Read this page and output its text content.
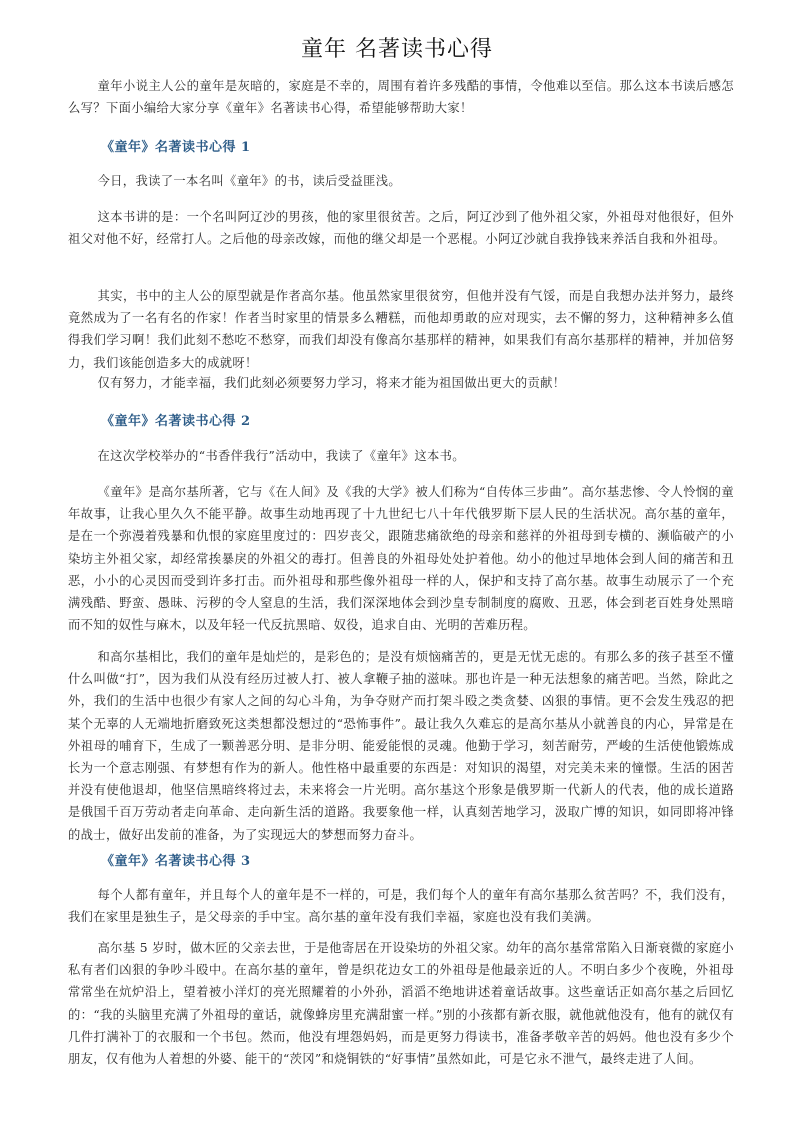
童年 名著读书心得

童年小说主人公的童年是灰暗的，家庭是不幸的，周围有着许多残酷的事情，令他难以至信。那么这本书读后感怎么写？下面小编给大家分享《童年》名著读书心得，希望能够帮助大家！

《童年》名著读书心得 1

今日，我读了一本名叫《童年》的书，读后受益匪浅。

这本书讲的是：一个名叫阿辽沙的男孩，他的家里很贫苦。之后，阿辽沙到了他外祖父家，外祖母对他很好，但外祖父对他不好，经常打人。之后他的母亲改嫁，而他的继父却是一个恶棍。小阿辽沙就自我挣钱来养活自我和外祖母。

其实，书中的主人公的原型就是作者高尔基。他虽然家里很贫穷，但他并没有气馁，而是自我想办法并努力，最终竟然成为了一名有名的作家！作者当时家里的情景多么糟糕，而他却勇敢的应对现实，去不懈的努力，这种精神多么值得我们学习啊！我们此刻不愁吃不愁穿，而我们却没有像高尔基那样的精神，如果我们有高尔基那样的精神，并加倍努力，我们该能创造多大的成就呀！

仅有努力，才能幸福，我们此刻必须要努力学习，将来才能为祖国做出更大的贡献！

《童年》名著读书心得 2

在这次学校举办的“书香伴我行”活动中，我读了《童年》这本书。

《童年》是高尔基所著，它与《在人间》及《我的大学》被人们称为“自传体三步曲”。高尔基悲惨、令人怜悯的童年故事，让我心里久久不能平静。故事生动地再现了十九世纪七八十年代俄罗斯下层人民的生活状况。高尔基的童年，是在一个弥漫着残暴和仇恨的家庭里度过的：四岁丧父，跟随悲痛欲绝的母亲和慈祥的外祖母到专横的、濒临破产的小染坊主外祖父家，却经常挨暴戾的外祖父的毒打。但善良的外祖母处处护着他。幼小的他过早地体会到人间的痛苦和丑恶，小小的心灵因而受到许多打击。而外祖母和那些像外祖母一样的人，保护和支持了高尔基。故事生动展示了一个充满残酷、野蛮、愚昧、污秽的令人窒息的生活，我们深深地体会到沙皇专制制度的腐败、丑恶，体会到老百姓身处黑暗而不知的奴性与麻木，以及年轻一代反抗黑暗、奴役，追求自由、光明的苦难历程。

和高尔基相比，我们的童年是灿烂的，是彩色的；是没有烦恼痛苦的，更是无忧无虑的。有那么多的孩子甚至不懂什么叫做“打”，因为我们从没有经历过被人打、被人拿鞭子抽的滋味。那也许是一种无法想象的痛苦吧。当然，除此之外，我们的生活中也很少有家人之间的勾心斗角，为争夺财产而打架斗殴之类贪婪、凶狠的事情。更不会发生残忍的把某个无辜的人无端地折磨致死这类想都没想过的“恐怖事件”。最让我久久难忘的是高尔基从小就善良的内心，异常是在外祖母的哺育下，生成了一颗善恶分明、是非分明、能爱能恨的灵魂。他勤于学习，刻苦耐劳，严峻的生活使他锻炼成长为一个意志刚强、有梦想有作为的新人。他性格中最重要的东西是：对知识的渴望，对完美未来的憧憬。生活的困苦并没有使他退却，他坚信黑暗终将过去，未来将会一片光明。高尔基这个形象是俄罗斯一代新人的代表，他的成长道路是俄国千百万劳动者走向革命、走向新生活的道路。我要象他一样，认真刻苦地学习，汲取广博的知识，如同即将冲锋的战士，做好出发前的准备，为了实现远大的梦想而努力奋斗。

《童年》名著读书心得 3

每个人都有童年，并且每个人的童年是不一样的，可是，我们每个人的童年有高尔基那么贫苦吗？不，我们没有，我们在家里是独生子，是父母亲的手中宝。高尔基的童年没有我们幸福，家庭也没有我们美满。

高尔基 5 岁时，做木匠的父亲去世，于是他寄居在开设染坊的外祖父家。幼年的高尔基常常陷入日渐衰微的家庭小私有者们凶狠的争吵斗殴中。在高尔基的童年，曾是织花边女工的外祖母是他最亲近的人。不明白多少个夜晚，外祖母常常坐在炕炉沿上，望着被小洋灯的亮光照耀着的小外孙，滔滔不绝地讲述着童话故事。这些童话正如高尔基之后回忆的：“我的头脑里充满了外祖母的童话，就像蜂房里充满甜蜜一样。”别的小孩都有新衣服，就他就他没有，他有的就仅有几件打满补丁的衣服和一个书包。然而，他没有埋怨妈妈，而是更努力得读书，准备孝敬辛苦的妈妈。他也没有多少个朋友，仅有他为人着想的外婆、能干的“茨冈”和烧铜铁的“好事情”虽然如此，可是它永不泄气，最终走进了人间。
